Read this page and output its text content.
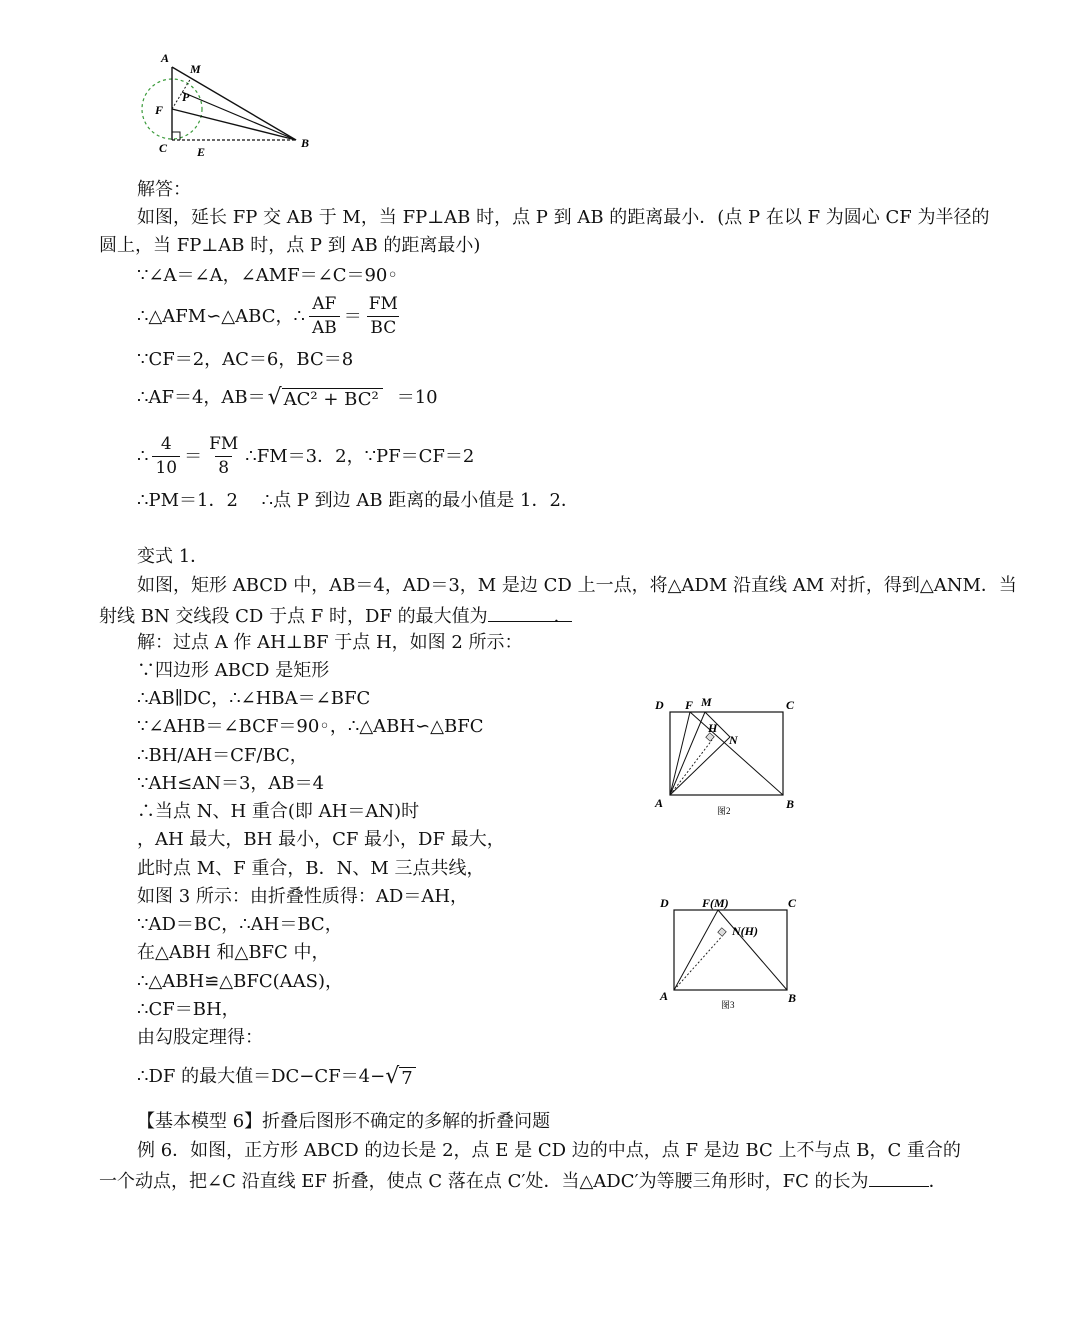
A
M
P
F
C E
B
解答：
如图，延长 FP 交 AB 于 M，当 FP⊥AB 时，点 P 到 AB 的距离最小．(点 P 在以 F 为圆心 CF 为半径的
圆上，当 FP⊥AB 时，点 P 到 AB 的距离最小)
∵∠A＝∠A，∠AMF＝∠C＝90◦
∴△AFM∽△ABC，∴ $\frac{AF}{AB} = \frac{FM}{BC}$
∵CF＝2，AC＝6，BC＝8
∴AF＝4，AB＝ √ AC² + BC² ＝10
∴ $\frac{4}{10} = \frac{FM}{8}$ ∴FM＝3．2，∵PF＝CF＝2
∴PM＝1．2　 ∴点 P 到边 AB 距离的最小值是 1．2．
变式 1．
如图，矩形 ABCD 中，AB＝4，AD＝3，M 是边 CD 上一点，将△ADM 沿直线 AM 对折，得到△ANM．当
射线 BN 交线段 CD 于点 F 时，DF 的最大值为	．
解：过点 A 作 AH⊥BF 于点 H，如图 2 所示：
∵四边形 ABCD 是矩形
∴AB∥DC，∴∠HBA＝∠BFC
∵∠AHB＝∠BCF＝90◦，∴△ABH∽△BFC
∴BH/AH＝CF/BC，
∵AH≤AN＝3，AB＝4
∴当点 N、H 重合(即 AH＝AN)时
，AH 最大，BH 最小，CF 最小，DF 最大，
此时点 M、F 重合，B．N、M 三点共线，
如图 3 所示：由折叠性质得：AD＝AH，
∵AD＝BC，∴AH＝BC，
在△ABH 和△BFC 中，
∴△ABH≌△BFC(AAS)，
∴CF＝BH，
由勾股定理得：
∴DF 的最大值＝DC−CF＝4− √ 7
D F M	C
H
N
A	B
图2
D	F(M)	C
N(H)
A	B
图3
【基本模型 6】折叠后图形不确定的多解的折叠问题
例 6．如图，正方形 ABCD 的边长是 2，点 E 是 CD 边的中点，点 F 是边 BC 上不与点 B，C 重合的
一个动点，把∠C 沿直线 EF 折叠，使点 C 落在点 C′处．当△ADC′为等腰三角形时，FC 的长为	．
